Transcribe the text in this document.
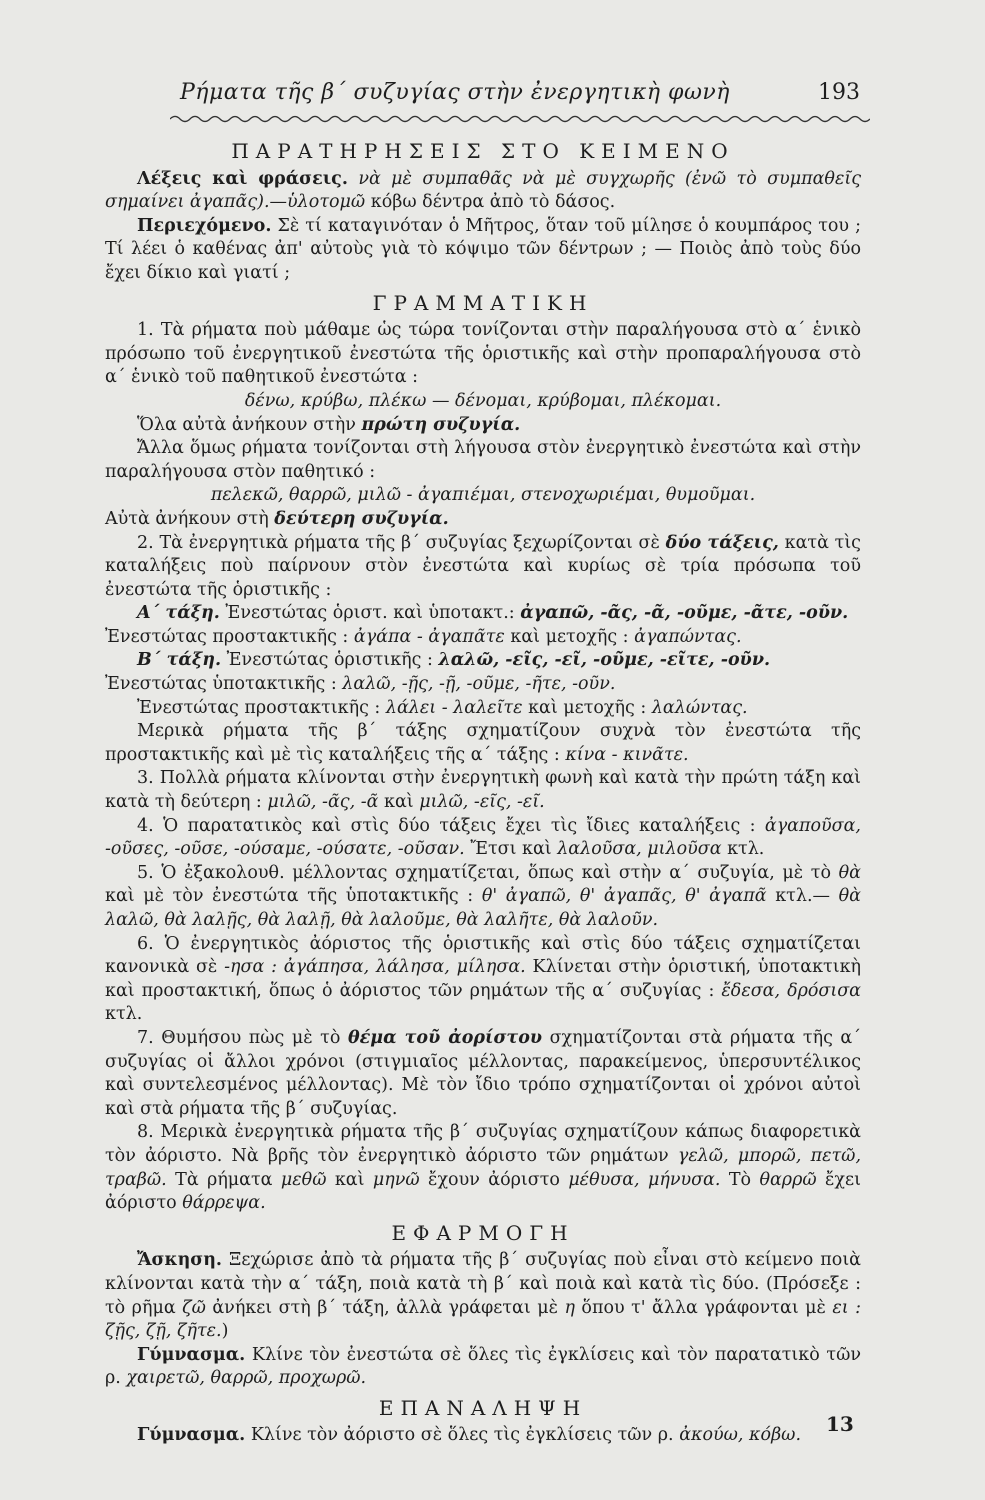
Ρήματα τῆς β΄ συζυγίας στὴν ἐνεργητικὴ φωνὴ	193

ΠΑΡΑΤΗΡΗΣΕΙΣ ΣΤΟ ΚΕΙΜΕΝΟ

Λέξεις καὶ φράσεις. νὰ μὲ συμπαθᾶς νὰ μὲ συγχωρῆς (ἐνῶ τὸ συμπαθεῖς σημαίνει ἀγαπᾶς).—ὑλοτομῶ κόβω δέντρα ἀπὸ τὸ δάσος.

Περιεχόμενο. Σὲ τί καταγινόταν ὁ Μῆτρος, ὅταν τοῦ μίλησε ὁ κουμπάρος του ; Τί λέει ὁ καθένας ἀπ' αὐτοὺς γιὰ τὸ κόψιμο τῶν δέντρων ; — Ποιὸς ἀπὸ τοὺς δύο ἔχει δίκιο καὶ γιατί ;

ΓΡΑΜΜΑΤΙΚΗ

1. Τὰ ρήματα ποὺ μάθαμε ὡς τώρα τονίζονται στὴν παραλήγουσα στὸ α΄ ἑνικὸ πρόσωπο τοῦ ἐνεργητικοῦ ἐνεστώτα τῆς ὁριστικῆς καὶ στὴν προπαραλήγουσα στὸ α΄ ἑνικὸ τοῦ παθητικοῦ ἐνεστώτα :

δένω, κρύβω, πλέκω — δένομαι, κρύβομαι, πλέκομαι.

Ὅλα αὐτὰ ἀνήκουν στὴν πρώτη συζυγία.

Ἄλλα ὅμως ρήματα τονίζονται στὴ λήγουσα στὸν ἐνεργητικὸ ἐνεστώτα καὶ στὴν παραλήγουσα στὸν παθητικό :

πελεκῶ, θαρρῶ, μιλῶ - ἀγαπιέμαι, στενοχωριέμαι, θυμοῦμαι.

Αὐτὰ ἀνήκουν στὴ δεύτερη συζυγία.

2. Τὰ ἐνεργητικὰ ρήματα τῆς β΄ συζυγίας ξεχωρίζονται σὲ δύο τάξεις, κατὰ τὶς καταλήξεις ποὺ παίρνουν στὸν ἐνεστώτα καὶ κυρίως σὲ τρία πρόσωπα τοῦ ἐνεστώτα τῆς ὁριστικῆς :

Α΄ τάξη. Ἐνεστώτας ὁριστ. καὶ ὑποτακτ.: ἀγαπῶ, -ᾶς, -ᾶ, -οῦμε, -ᾶτε, -οῦν.

Ἐνεστώτας προστακτικῆς : ἀγάπα - ἀγαπᾶτε καὶ μετοχῆς : ἀγαπώντας.

Β΄ τάξη. Ἐνεστώτας ὁριστικῆς : λαλῶ, -εῖς, -εῖ, -οῦμε, -εῖτε, -οῦν.

Ἐνεστώτας ὑποτακτικῆς : λαλῶ, -ῇς, -ῇ, -οῦμε, -ῆτε, -οῦν.

Ἐνεστώτας προστακτικῆς : λάλει - λαλεῖτε καὶ μετοχῆς : λαλώντας.

Μερικὰ ρήματα τῆς β΄ τάξης σχηματίζουν συχνὰ τὸν ἐνεστώτα τῆς προστακτικῆς καὶ μὲ τὶς καταλήξεις τῆς α΄ τάξης : κίνα - κινᾶτε.

3. Πολλὰ ρήματα κλίνονται στὴν ἐνεργητικὴ φωνὴ καὶ κατὰ τὴν πρώτη τάξη καὶ κατὰ τὴ δεύτερη : μιλῶ, -ᾶς, -ᾶ καὶ μιλῶ, -εῖς, -εῖ.

4. Ὁ παρατατικὸς καὶ στὶς δύο τάξεις ἔχει τὶς ἴδιες καταλήξεις : ἀγαποῦσα, -οῦσες, -οῦσε, -ούσαμε, -ούσατε, -οῦσαν. Ἔτσι καὶ λαλοῦσα, μιλοῦσα κτλ.

5. Ὁ ἐξακολουθ. μέλλοντας σχηματίζεται, ὅπως καὶ στὴν α΄ συζυγία, μὲ τὸ θὰ καὶ μὲ τὸν ἐνεστώτα τῆς ὑποτακτικῆς : θ' ἀγαπῶ, θ' ἀγαπᾶς, θ' ἀγαπᾶ κτλ.— θὰ λαλῶ, θὰ λαλῇς, θὰ λαλῇ, θὰ λαλοῦμε, θὰ λαλῆτε, θὰ λαλοῦν.

6. Ὁ ἐνεργητικὸς ἀόριστος τῆς ὁριστικῆς καὶ στὶς δύο τάξεις σχηματίζεται κανονικὰ σὲ -ησα : ἀγάπησα, λάλησα, μίλησα. Κλίνεται στὴν ὁριστική, ὑποτακτικὴ καὶ προστακτική, ὅπως ὁ ἀόριστος τῶν ρημάτων τῆς α΄ συζυγίας : ἔδεσα, δρόσισα κτλ.

7. Θυμήσου πὼς μὲ τὸ θέμα τοῦ ἀορίστου σχηματίζονται στὰ ρήματα τῆς α΄ συζυγίας οἱ ἄλλοι χρόνοι (στιγμιαῖος μέλλοντας, παρακείμενος, ὑπερσυντέλικος καὶ συντελεσμένος μέλλοντας). Μὲ τὸν ἴδιο τρόπο σχηματίζονται οἱ χρόνοι αὐτοὶ καὶ στὰ ρήματα τῆς β΄ συζυγίας.

8. Μερικὰ ἐνεργητικὰ ρήματα τῆς β΄ συζυγίας σχηματίζουν κάπως διαφορετικὰ τὸν ἀόριστο. Νὰ βρῆς τὸν ἐνεργητικὸ ἀόριστο τῶν ρημάτων γελῶ, μπορῶ, πετῶ, τραβῶ. Τὰ ρήματα μεθῶ καὶ μηνῶ ἔχουν ἀόριστο μέθυσα, μήνυσα. Τὸ θαρρῶ ἔχει ἀόριστο θάρρεψα.

ΕΦΑΡΜΟΓΗ

Ἄσκηση. Ξεχώρισε ἀπὸ τὰ ρήματα τῆς β΄ συζυγίας ποὺ εἶναι στὸ κείμενο ποιὰ κλίνονται κατὰ τὴν α΄ τάξη, ποιὰ κατὰ τὴ β΄ καὶ ποιὰ καὶ κατὰ τὶς δύο. (Πρόσεξε : τὸ ρῆμα ζῶ ἀνήκει στὴ β΄ τάξη, ἀλλὰ γράφεται μὲ η ὅπου τ' ἄλλα γράφονται μὲ ει : ζῇς, ζῇ, ζῆτε.)

Γύμνασμα. Κλίνε τὸν ἐνεστώτα σὲ ὅλες τὶς ἐγκλίσεις καὶ τὸν παρατατικὸ τῶν ρ. χαιρετῶ, θαρρῶ, προχωρῶ.

ΕΠΑΝΑΛΗΨΗ

Γύμνασμα. Κλίνε τὸν ἀόριστο σὲ ὅλες τὶς ἐγκλίσεις τῶν ρ. ἀκούω, κόβω.	13
